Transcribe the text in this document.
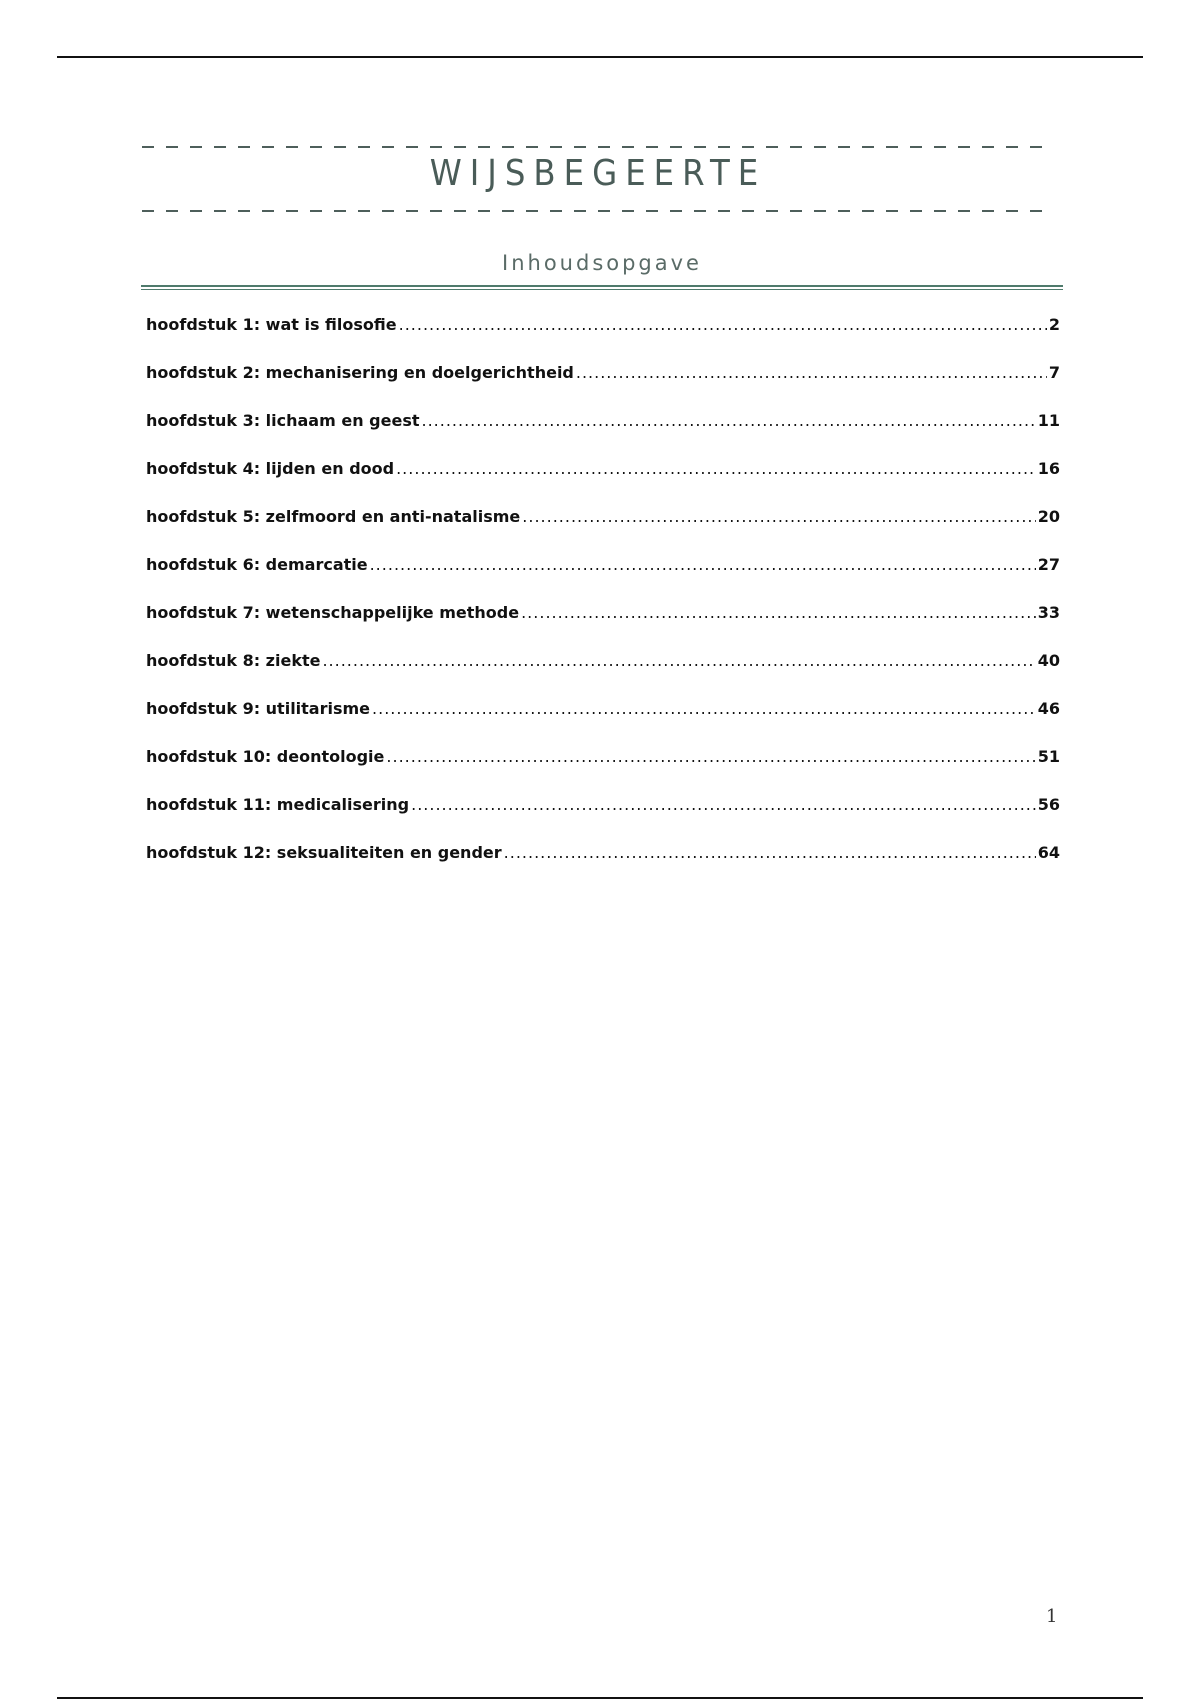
WIJSBEGEERTE
Inhoudsopgave
hoofdstuk 1: wat is filosofie .....	2
hoofdstuk 2: mechanisering en doelgerichtheid .....	7
hoofdstuk 3: lichaam en geest .....	11
hoofdstuk 4: lijden en dood .....	16
hoofdstuk 5: zelfmoord en anti-natalisme .....	20
hoofdstuk 6: demarcatie .....	27
hoofdstuk 7: wetenschappelijke methode .....	33
hoofdstuk 8: ziekte .....	40
hoofdstuk 9: utilitarisme .....	46
hoofdstuk 10: deontologie .....	51
hoofdstuk 11: medicalisering .....	56
hoofdstuk 12: seksualiteiten en gender .....	64
1
